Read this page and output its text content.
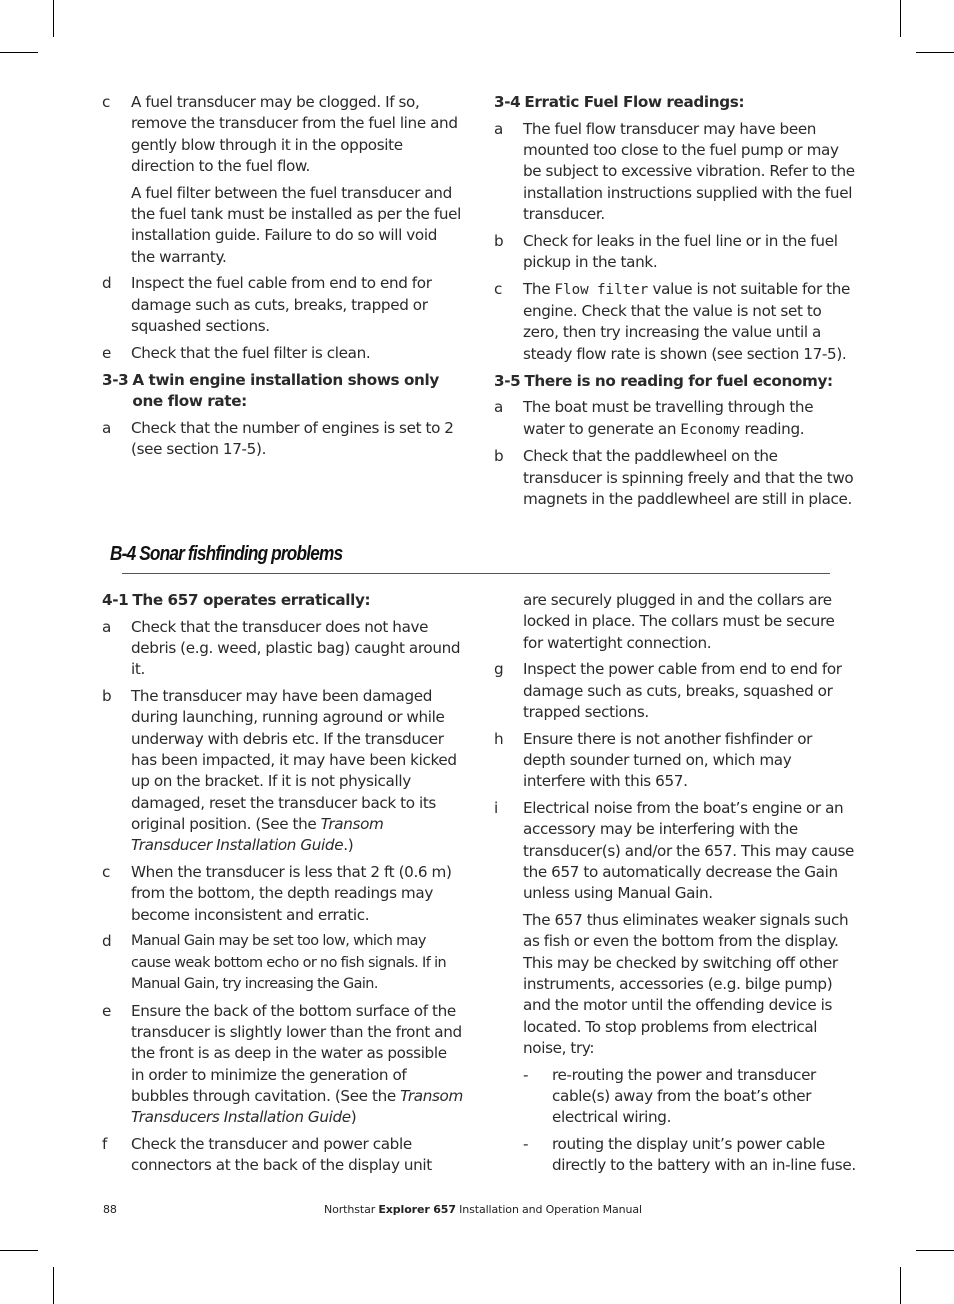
c	A fuel transducer may be clogged. If so, remove the transducer from the fuel line and gently blow through it in the opposite direction to the fuel flow.
A fuel filter between the fuel transducer and the fuel tank must be installed as per the fuel installation guide. Failure to do so will void the warranty.
d	Inspect the fuel cable from end to end for damage such as cuts, breaks, trapped or squashed sections.
e	Check that the fuel filter is clean.
3-3 A twin engine installation shows only one flow rate:
a	Check that the number of engines is set to 2 (see section 17-5).
3-4 Erratic Fuel Flow readings:
a	The fuel flow transducer may have been mounted too close to the fuel pump or may be subject to excessive vibration. Refer to the installation instructions supplied with the fuel transducer.
b	Check for leaks in the fuel line or in the fuel pickup in the tank.
c	The Flow filter value is not suitable for the engine. Check that the value is not set to zero, then try increasing the value until a steady flow rate is shown (see section 17-5).
3-5 There is no reading for fuel economy:
a	The boat must be travelling through the water to generate an Economy reading.
b	Check that the paddlewheel on the transducer is spinning freely and that the two magnets in the paddlewheel are still in place.
B-4 Sonar fishfinding problems
4-1 The 657 operates erratically:
a	Check that the transducer does not have debris (e.g. weed, plastic bag) caught around it.
b	The transducer may have been damaged during launching, running aground or while underway with debris etc. If the transducer has been impacted, it may have been kicked up on the bracket. If it is not physically damaged, reset the transducer back to its original position. (See the Transom Transducer Installation Guide.)
c	When the transducer is less that 2 ft (0.6 m) from the bottom, the depth readings may become inconsistent and erratic.
d	Manual Gain may be set too low, which may cause weak bottom echo or no fish signals. If in Manual Gain, try increasing the Gain.
e	Ensure the back of the bottom surface of the transducer is slightly lower than the front and the front is as deep in the water as possible in order to minimize the generation of bubbles through cavitation. (See the Transom Transducers Installation Guide)
f	Check the transducer and power cable connectors at the back of the display unit
are securely plugged in and the collars are locked in place. The collars must be secure for watertight connection.
g	Inspect the power cable from end to end for damage such as cuts, breaks, squashed or trapped sections.
h	Ensure there is not another fishfinder or depth sounder turned on, which may interfere with this 657.
i	Electrical noise from the boat’s engine or an accessory may be interfering with the transducer(s) and/or the 657. This may cause the 657 to automatically decrease the Gain unless using Manual Gain.
The 657 thus eliminates weaker signals such as fish or even the bottom from the display. This may be checked by switching off other instruments, accessories (e.g. bilge pump) and the motor until the offending device is located. To stop problems from electrical noise, try:
-	re-routing the power and transducer cable(s) away from the boat’s other electrical wiring.
-	routing the display unit’s power cable directly to the battery with an in-line fuse.
88	Northstar Explorer 657 Installation and Operation Manual
